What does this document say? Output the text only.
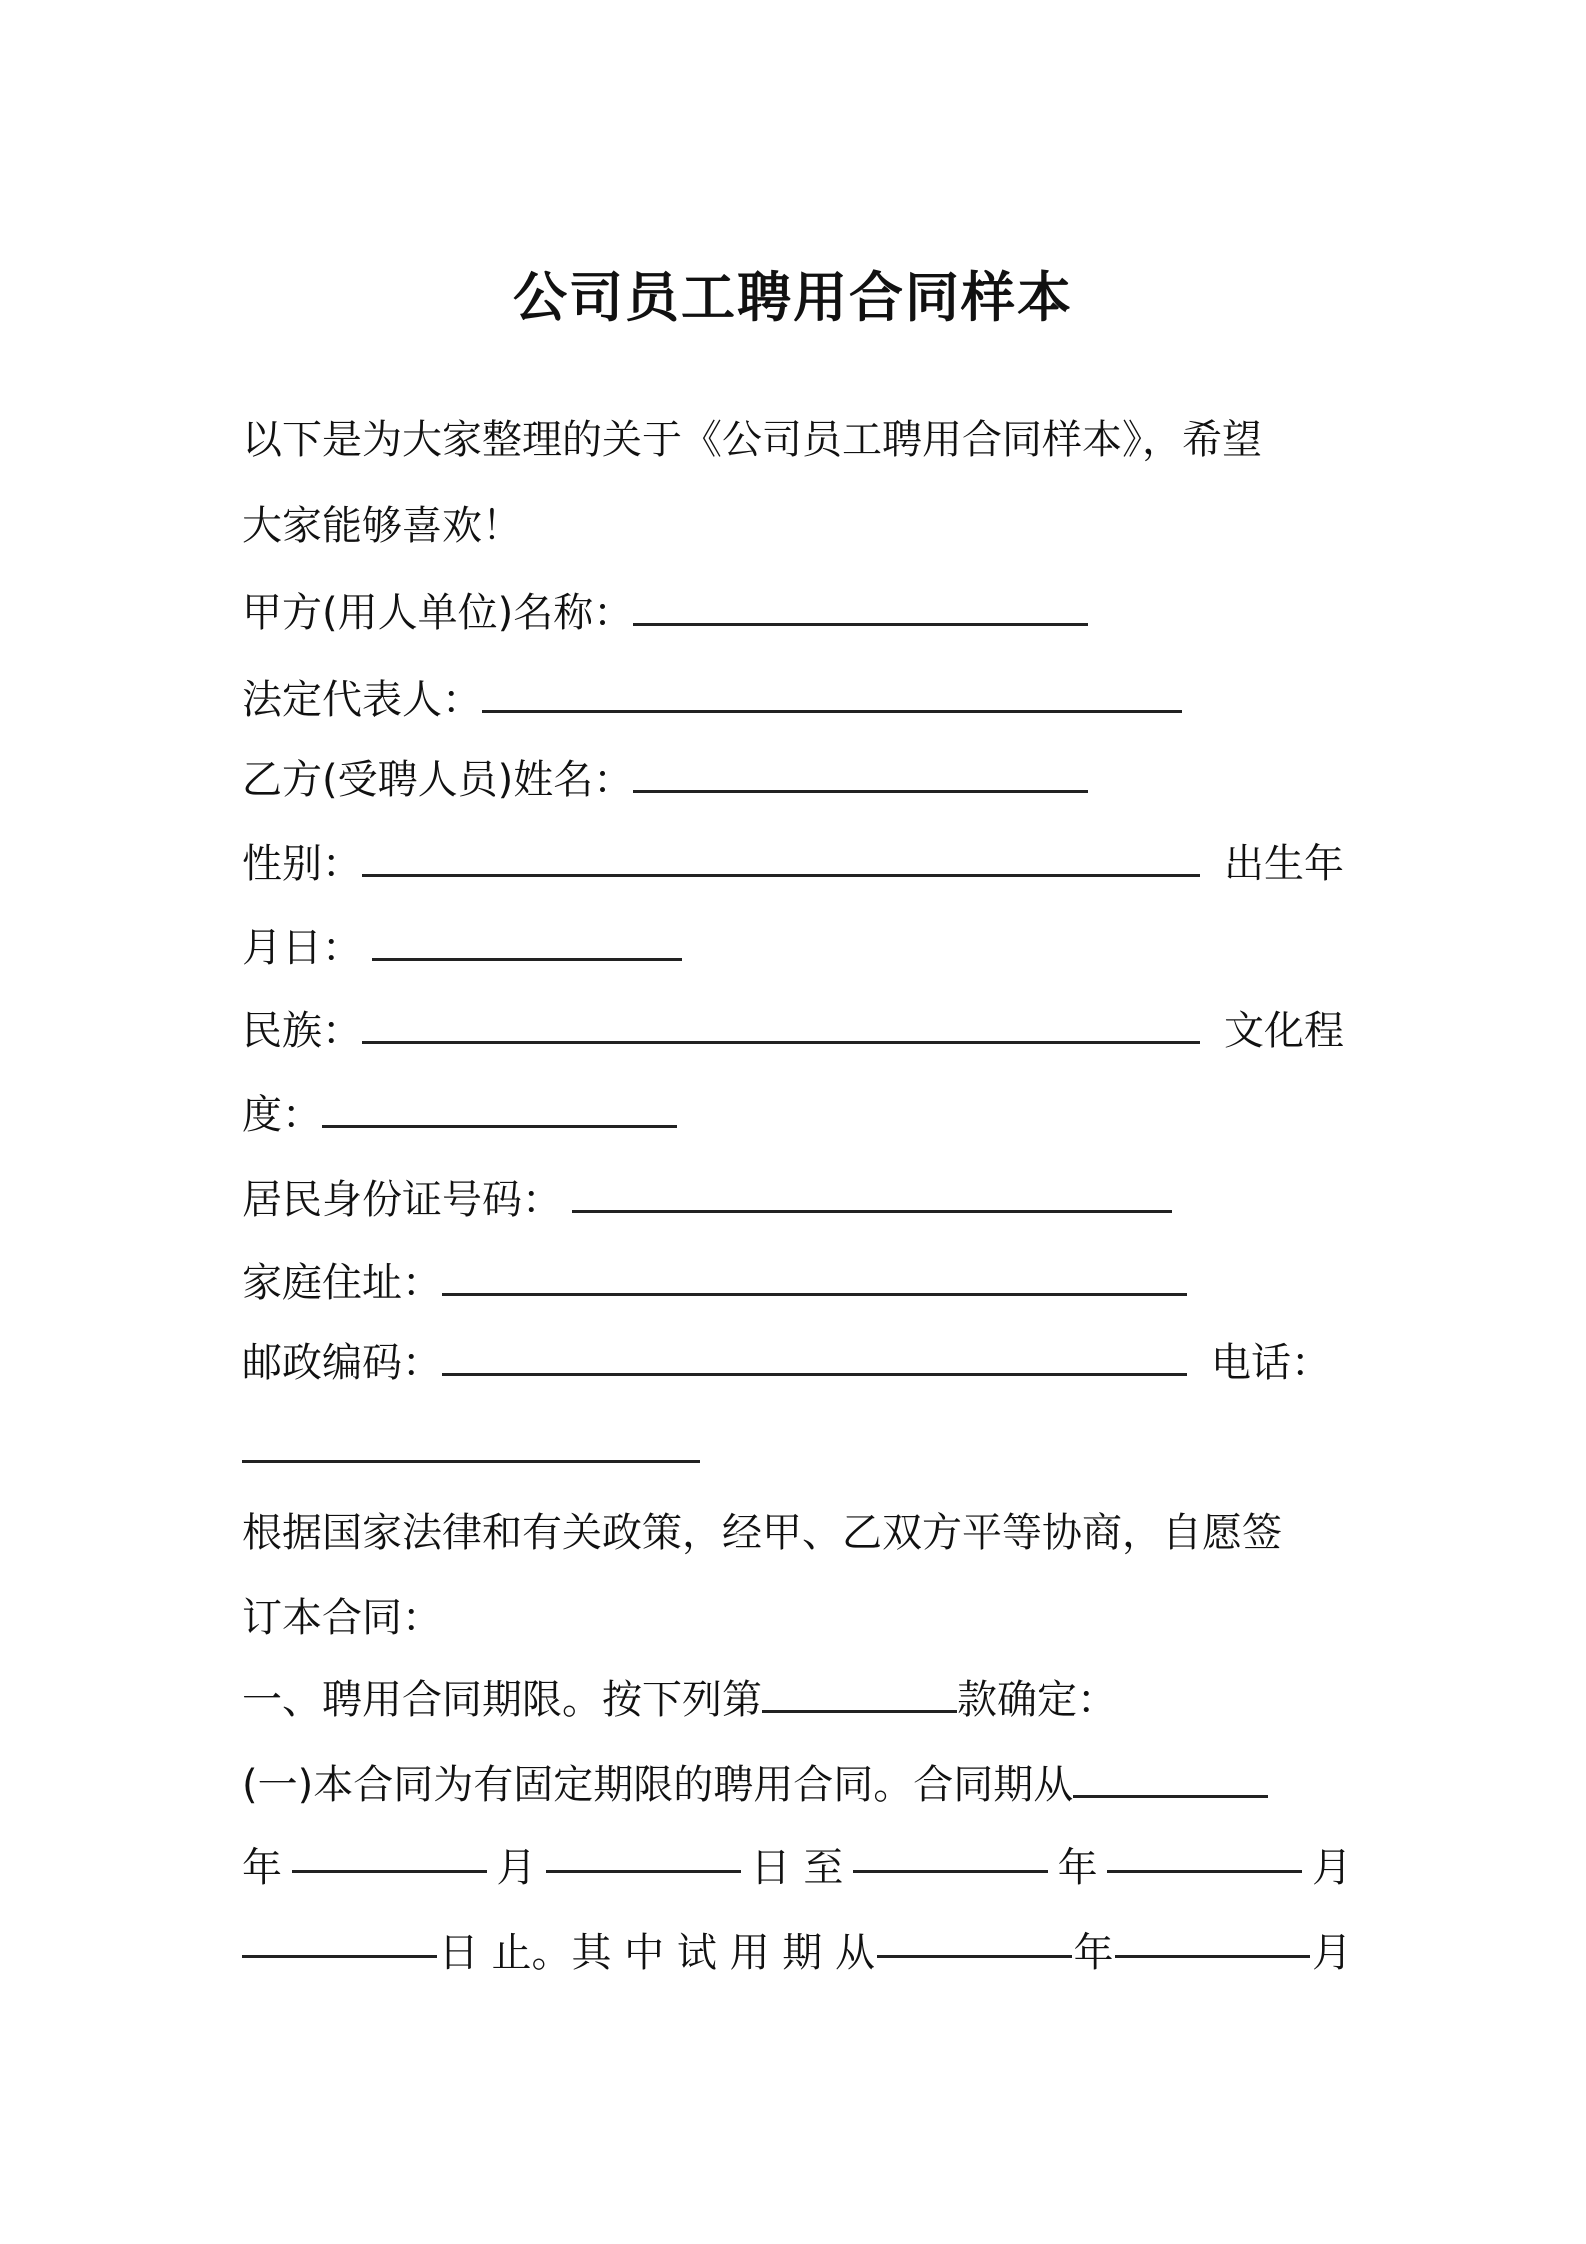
公司员工聘用合同样本
以下是为大家整理的关于《公司员工聘用合同样本》，希望
大家能够喜欢！
甲方(用人单位)名称：
法定代表人：
乙方(受聘人员)姓名：
性别：	出生年
月日：
民族：	文化程
度：
居民身份证号码：
家庭住址：
邮政编码：	电话：
根据国家法律和有关政策，经甲、乙双方平等协商，自愿签
订本合同：
一、聘用合同期限。按下列第	款确定：
(一)本合同为有固定期限的聘用合同。合同期从
年	月	日 至	年	月
日 止。其 中 试 用 期 从	年	月
